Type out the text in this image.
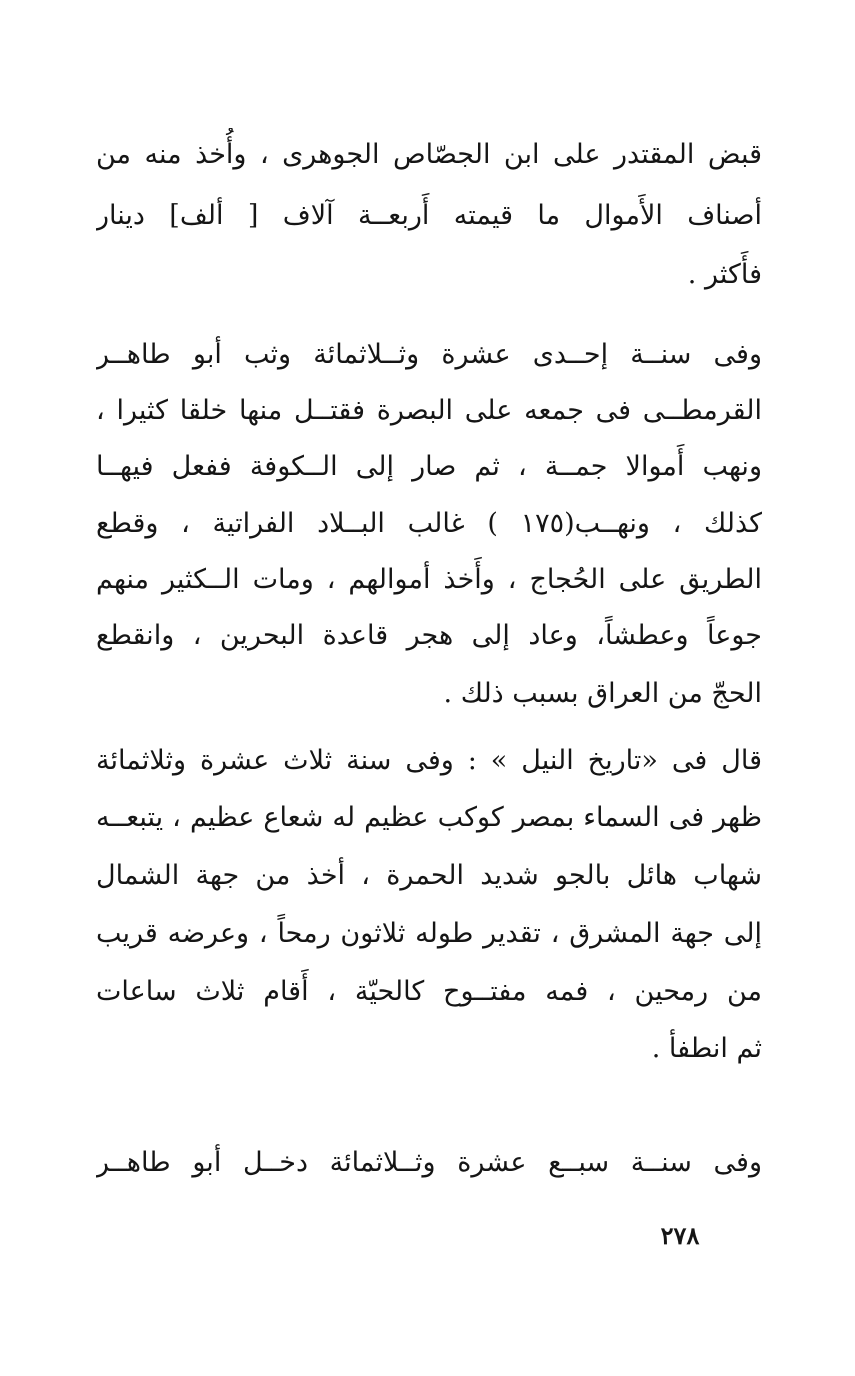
قبض المقتدر على ابن الجصّاص الجوهرى ، وأُخذ منه من
أصناف الأَموال ما قيمته أَربعــة آلاف [ ألف] دينار
فأَكثر .
وفى سنــة إحــدى عشرة وثــلاثمائة وثب أبو طاهــر
القرمطــى فى جمعه على البصرة فقتــل منها خلقا كثيرا ،
ونهب أَموالا جمــة ، ثم صار إلى الــكوفة ففعل فيهــا
كذلك ، ونهــب(١٧٥ ) غالب البــلاد الفراتية ، وقطع
الطريق على الحُجاج ، وأَخذ أموالهم ، ومات الــكثير منهم
جوعاً وعطشاً، وعاد إلى هجر قاعدة البحرين ، وانقطع
الحجّ من العراق بسبب ذلك .
قال فى «تاريخ النيل » : وفى سنة ثلاث عشرة وثلاثمائة
ظهر فى السماء بمصر كوكب عظيم له شعاع عظيم ، يتبعــه
شهاب هائل بالجو شديد الحمرة ، أخذ من جهة الشمال
إلى جهة المشرق ، تقدير طوله ثلاثون رمحاً ، وعرضه قريب
من رمحين ، فمه مفتــوح كالحيّة ، أَقام ثلاث ساعات
ثم انطفأ .
وفى سنــة سبــع عشرة وثــلاثمائة دخــل أبو طاهــر
٢٧٨
